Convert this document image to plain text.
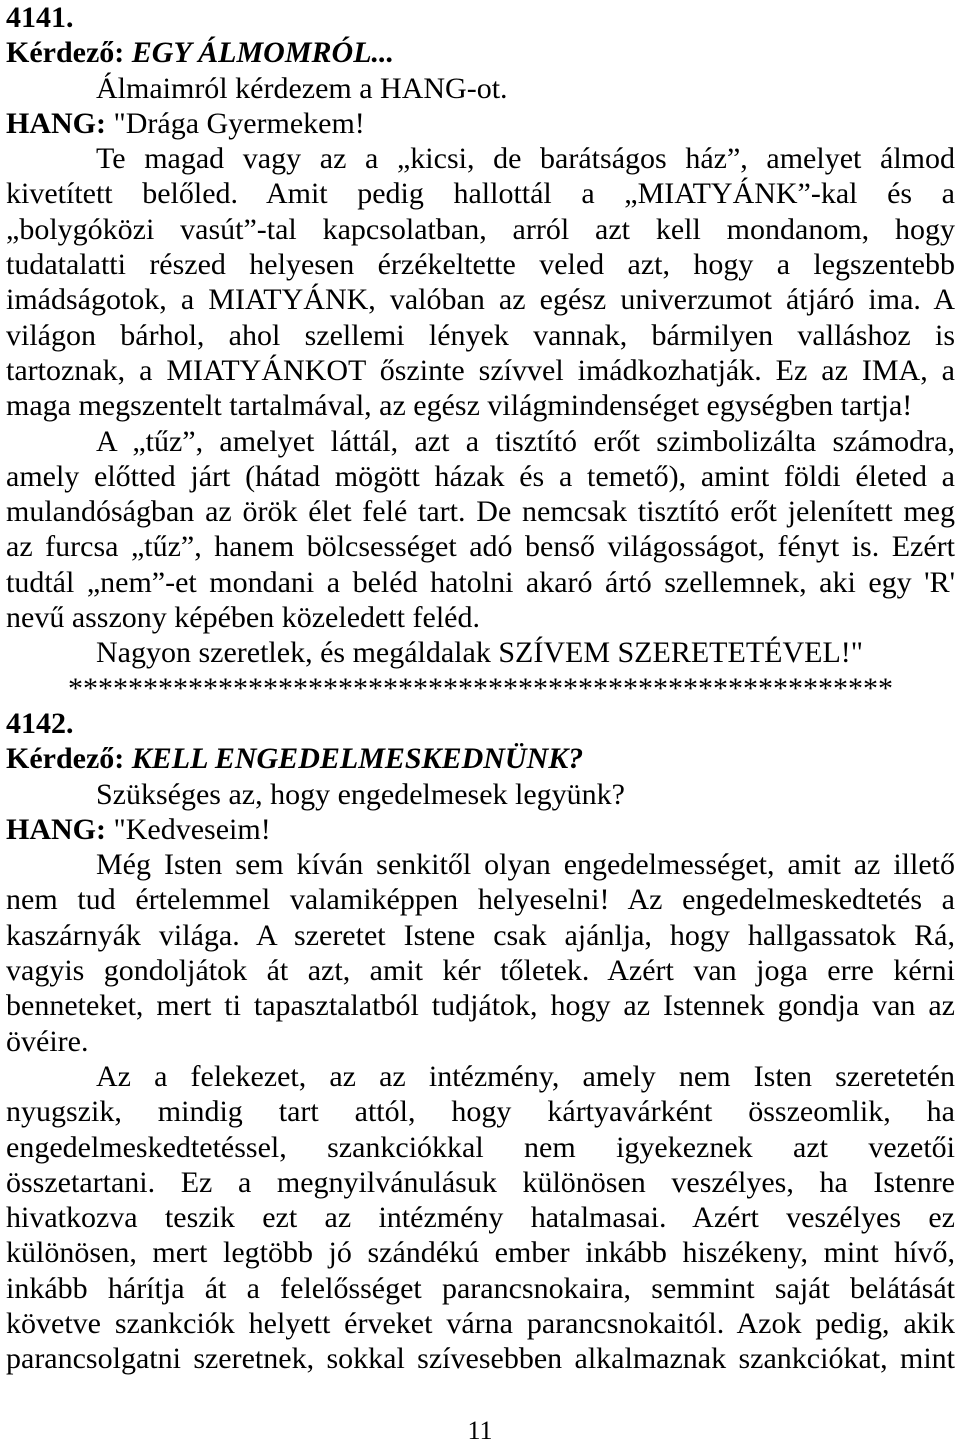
4141.
Kérdező: EGY ÁLMOMRÓL...
Álmaimról kérdezem a HANG-ot.
HANG: "Drága Gyermekem!
Te magad vagy az a „kicsi, de barátságos ház”, amelyet álmod
kivetített belőled. Amit pedig hallottál a „MIATYÁNK”-kal és a
„bolygóközi vasút”-tal kapcsolatban, arról azt kell mondanom, hogy
tudatalatti részed helyesen érzékeltette veled azt, hogy a legszentebb
imádságotok, a MIATYÁNK, valóban az egész univerzumot átjáró ima. A
világon bárhol, ahol szellemi lények vannak, bármilyen valláshoz is
tartoznak, a MIATYÁNKOT őszinte szívvel imádkozhatják. Ez az IMA, a
maga megszentelt tartalmával, az egész világmindenséget egységben tartja!
A „tűz”, amelyet láttál, azt a tisztító erőt szimbolizálta számodra,
amely előtted járt (hátad mögött házak és a temető), amint földi életed a
mulandóságban az örök élet felé tart. De nemcsak tisztító erőt jelenített meg
az furcsa „tűz”, hanem bölcsességet adó benső világosságot, fényt is. Ezért
tudtál „nem”-et mondani a beléd hatolni akaró ártó szellemnek, aki egy 'R'
nevű asszony képében közeledett feléd.
Nagyon szeretlek, és megáldalak SZÍVEM SZERETETÉVEL!"
*******************************************************
4142.
Kérdező: KELL ENGEDELMESKEDNÜNK?
Szükséges az, hogy engedelmesek legyünk?
HANG: "Kedveseim!
Még Isten sem kíván senkitől olyan engedelmességet, amit az illető
nem tud értelemmel valamiképpen helyeselni! Az engedelmeskedtetés a
kaszárnyák világa. A szeretet Istene csak ajánlja, hogy hallgassatok Rá,
vagyis gondoljátok át azt, amit kér tőletek. Azért van joga erre kérni
benneteket, mert ti tapasztalatból tudjátok, hogy az Istennek gondja van az
övéire.
Az a felekezet, az az intézmény, amely nem Isten szeretetén
nyugszik, mindig tart attól, hogy kártyavárként összeomlik, ha
engedelmeskedtetéssel, szankciókkal nem igyekeznek azt vezetői
összetartani. Ez a megnyilvánulásuk különösen veszélyes, ha Istenre
hivatkozva teszik ezt az intézmény hatalmasai. Azért veszélyes ez
különösen, mert legtöbb jó szándékú ember inkább hiszékeny, mint hívő,
inkább hárítja át a felelősséget parancsnokaira, semmint saját belátását
követve szankciók helyett érveket várna parancsnokaitól. Azok pedig, akik
parancsolgatni szeretnek, sokkal szívesebben alkalmaznak szankciókat, mint
11
